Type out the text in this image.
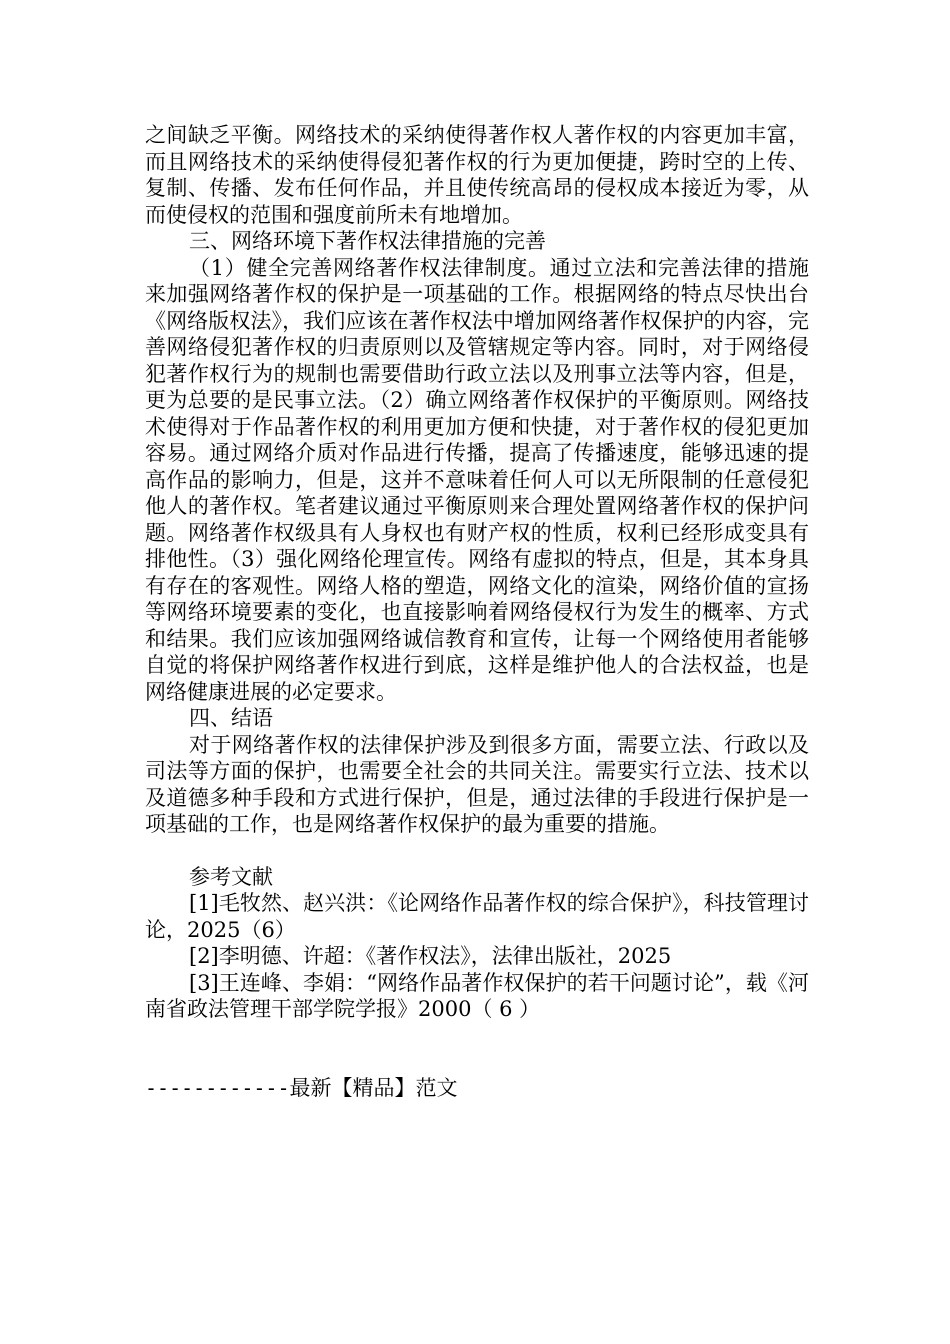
之间缺乏平衡。网络技术的采纳使得著作权人著作权的内容更加丰富，而且网络技术的采纳使得侵犯著作权的行为更加便捷，跨时空的上传、复制、传播、发布任何作品，并且使传统高昂的侵权成本接近为零，从而使侵权的范围和强度前所未有地增加。

三、网络环境下著作权法律措施的完善

（1）健全完善网络著作权法律制度。通过立法和完善法律的措施来加强网络著作权的保护是一项基础的工作。根据网络的特点尽快出台《网络版权法》，我们应该在著作权法中增加网络著作权保护的内容，完善网络侵犯著作权的归责原则以及管辖规定等内容。同时，对于网络侵犯著作权行为的规制也需要借助行政立法以及刑事立法等内容，但是，更为总要的是民事立法。（2）确立网络著作权保护的平衡原则。网络技术使得对于作品著作权的利用更加方便和快捷，对于著作权的侵犯更加容易。通过网络介质对作品进行传播，提高了传播速度，能够迅速的提高作品的影响力，但是，这并不意味着任何人可以无所限制的任意侵犯他人的著作权。笔者建议通过平衡原则来合理处置网络著作权的保护问题。网络著作权级具有人身权也有财产权的性质，权利已经形成变具有排他性。（3）强化网络伦理宣传。网络有虚拟的特点，但是，其本身具有存在的客观性。网络人格的塑造，网络文化的渲染，网络价值的宣扬等网络环境要素的变化，也直接影响着网络侵权行为发生的概率、方式和结果。我们应该加强网络诚信教育和宣传，让每一个网络使用者能够自觉的将保护网络著作权进行到底，这样是维护他人的合法权益，也是网络健康进展的必定要求。

四、结语

对于网络著作权的法律保护涉及到很多方面，需要立法、行政以及司法等方面的保护，也需要全社会的共同关注。需要实行立法、技术以及道德多种手段和方式进行保护，但是，通过法律的手段进行保护是一项基础的工作，也是网络著作权保护的最为重要的措施。

参考文献

[1]毛牧然、赵兴洪：《论网络作品著作权的综合保护》，科技管理讨论，2025（6）

[2]李明德、许超：《著作权法》，法律出版社，2025

[3]王连峰、李娟：“网络作品著作权保护的若干问题讨论”，载《河南省政法管理干部学院学报》2000（ 6 ）

------------最新【精品】范文
